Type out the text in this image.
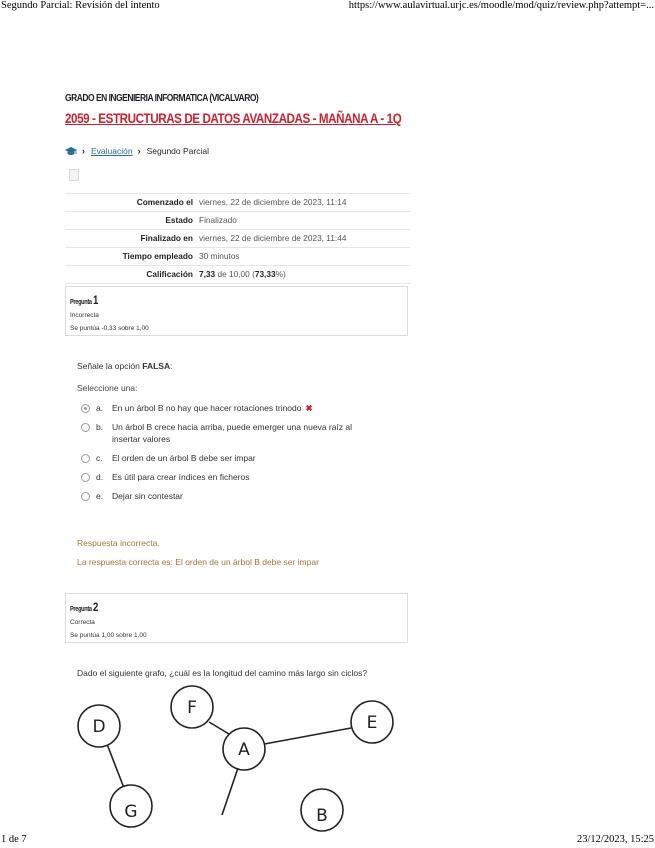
Segundo Parcial: Revisión del intento	https://www.aulavirtual.urjc.es/moodle/mod/quiz/review.php?attempt=...
GRADO EN INGENIERIA INFORMATICA (VICALVARO)
2059 - ESTRUCTURAS DE DATOS AVANZADAS - MAÑANA A - 1Q
› Evaluación › Segundo Parcial
Comenzado el	viernes, 22 de diciembre de 2023, 11:14
Estado	Finalizado
Finalizado en	viernes, 22 de diciembre de 2023, 11:44
Tiempo empleado	30 minutos
Calificación	7,33 de 10,00 (73,33%)
Pregunta 1
Incorrecta
Se puntúa -0,33 sobre 1,00
Señale la opción FALSA:
Seleccione una:
a.	En un árbol B no hay que hacer rotaciones trinodo ✖
b.	Un árbol B crece hacia arriba, puede emerger una nueva raíz al insertar valores
c.	El orden de un árbol B debe ser impar
d.	Es útil para crear índices en ficheros
e.	Dejar sin contestar
Respuesta incorrecta.
La respuesta correcta es: El orden de un árbol B debe ser impar
Pregunta 2
Correcta
Se puntúa 1,00 sobre 1,00
Dado el siguiente grafo, ¿cuál es la longitud del camino más largo sin ciclos?
D
F
A
E
G	B
1 de 7	23/12/2023, 15:25
